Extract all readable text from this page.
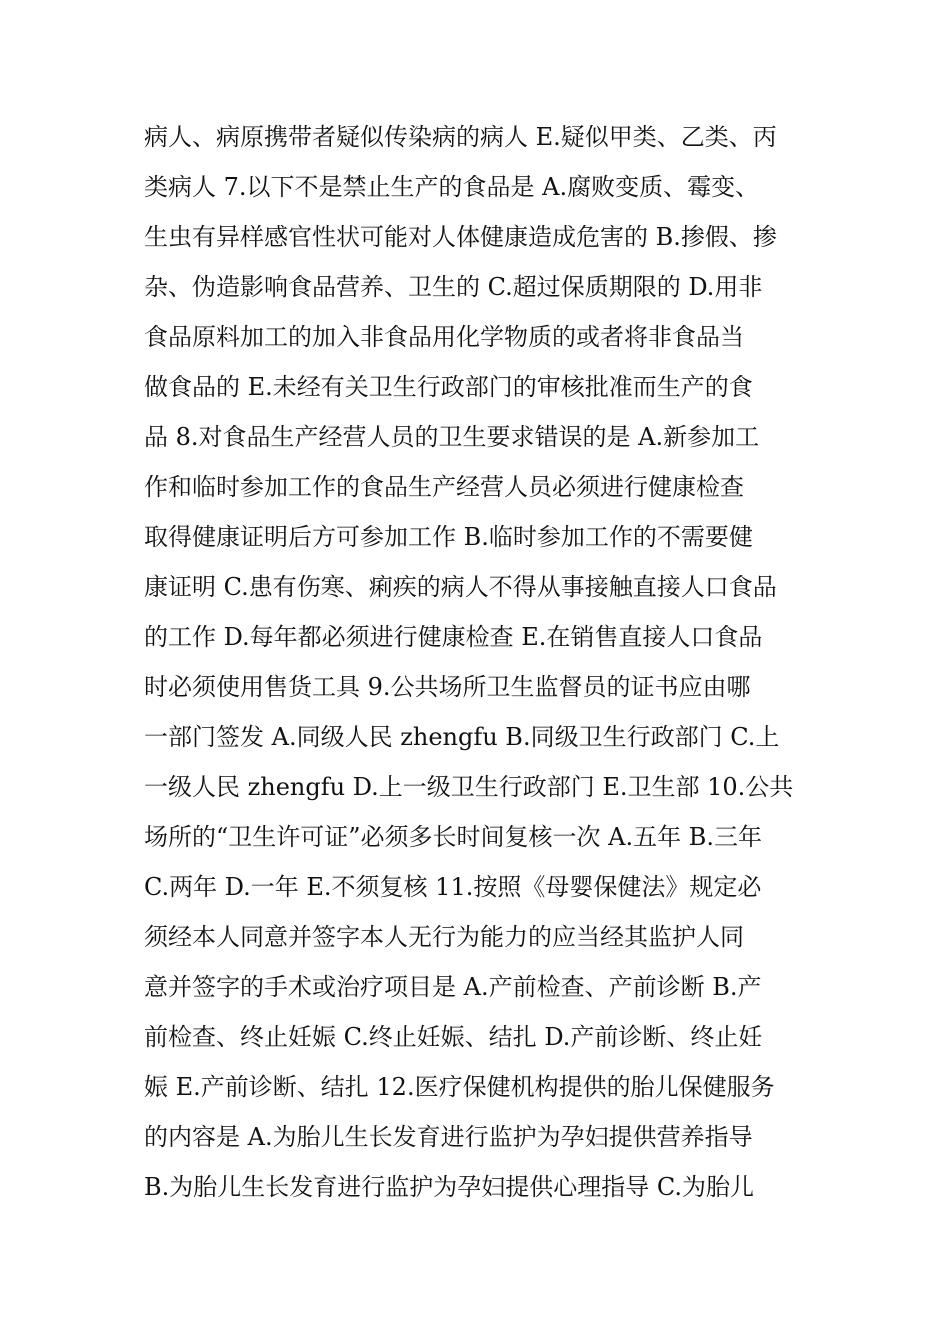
病人、病原携带者疑似传染病的病人 E.疑似甲类、乙类、丙
类病人 7.以下不是禁止生产的食品是 A.腐败变质、霉变、
生虫有异样感官性状可能对人体健康造成危害的 B.掺假、掺
杂、伪造影响食品营养、卫生的 C.超过保质期限的 D.用非
食品原料加工的加入非食品用化学物质的或者将非食品当
做食品的 E.未经有关卫生行政部门的审核批准而生产的食
品 8.对食品生产经营人员的卫生要求错误的是 A.新参加工
作和临时参加工作的食品生产经营人员必须进行健康检查
取得健康证明后方可参加工作 B.临时参加工作的不需要健
康证明 C.患有伤寒、痢疾的病人不得从事接触直接人口食品
的工作 D.每年都必须进行健康检查 E.在销售直接人口食品
时必须使用售货工具 9.公共场所卫生监督员的证书应由哪
一部门签发 A.同级人民 zhengfu B.同级卫生行政部门 C.上
一级人民 zhengfu D.上一级卫生行政部门 E.卫生部 10.公共
场所的“卫生许可证”必须多长时间复核一次 A.五年 B.三年
C.两年 D.一年 E.不须复核 11.按照《母婴保健法》规定必
须经本人同意并签字本人无行为能力的应当经其监护人同
意并签字的手术或治疗项目是 A.产前检查、产前诊断 B.产
前检查、终止妊娠 C.终止妊娠、结扎 D.产前诊断、终止妊
娠 E.产前诊断、结扎 12.医疗保健机构提供的胎儿保健服务
的内容是 A.为胎儿生长发育进行监护为孕妇提供营养指导
B.为胎儿生长发育进行监护为孕妇提供心理指导 C.为胎儿
